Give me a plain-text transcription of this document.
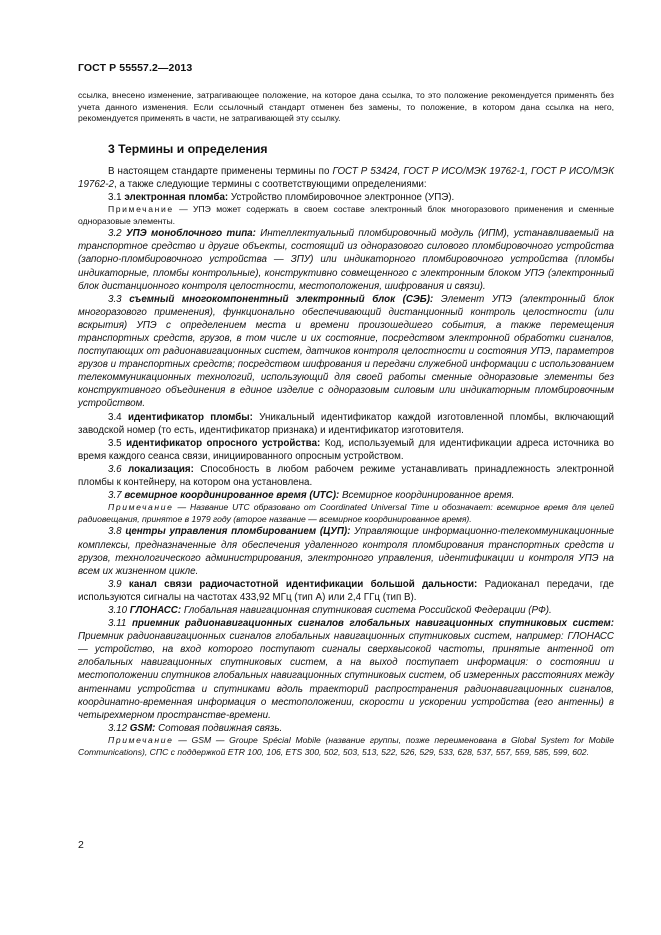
ГОСТ Р 55557.2—2013

ссылка, внесено изменение, затрагивающее положение, на которое дана ссылка, то это положение рекомендуется применять без учета данного изменения. Если ссылочный стандарт отменен без замены, то положение, в котором дана ссылка на него, рекомендуется применять в части, не затрагивающей эту ссылку.

3 Термины и определения

В настоящем стандарте применены термины по ГОСТ Р 53424, ГОСТ Р ИСО/МЭК 19762-1, ГОСТ Р ИСО/МЭК 19762-2, а также следующие термины с соответствующими определениями:

3.1 электронная пломба: Устройство пломбировочное электронное (УПЭ).

Примечание — УПЭ может содержать в своем составе электронный блок многоразового применения и сменные одноразовые элементы.

3.2 УПЭ моноблочного типа: Интеллектуальный пломбировочный модуль (ИПМ), устанавливаемый на транспортное средство и другие объекты, состоящий из одноразового силового пломбировочного устройства (запорно-пломбировочного устройства — ЗПУ) или индикаторного пломбировочного устройства (пломбы индикаторные, пломбы контрольные), конструктивно совмещенного с электронным блоком УПЭ (электронный блок дистанционного контроля целостности, местоположения, шифрования и связи).

3.3 съемный многокомпонентный электронный блок (СЭБ): Элемент УПЭ (электронный блок многоразового применения), функционально обеспечивающий дистанционный контроль целостности (или вскрытия) УПЭ с определением места и времени произошедшего события, а также перемещения транспортных средств, грузов, в том числе и их состояние, посредством электронной обработки сигналов, поступающих от радионавигационных систем, датчиков контроля целостности и состояния УПЭ, параметров грузов и транспортных средств; посредством шифрования и передачи служебной информации с использованием телекоммуникационных технологий, использующий для своей работы сменные одноразовые элементы без конструктивного объединения в единое изделие с одноразовым силовым или индикаторным пломбировочным устройством.

3.4 идентификатор пломбы: Уникальный идентификатор каждой изготовленной пломбы, включающий заводской номер (то есть, идентификатор признака) и идентификатор изготовителя.

3.5 идентификатор опросного устройства: Код, используемый для идентификации адреса источника во время каждого сеанса связи, инициированного опросным устройством.

3.6 локализация: Способность в любом рабочем режиме устанавливать принадлежность электронной пломбы к контейнеру, на котором она установлена.

3.7 всемирное координированное время (UTC): Всемирное координированное время.

Примечание — Название UTC образовано от Coordinated Universal Time и обозначает: всемирное время для целей радиовещания, принятое в 1979 году (второе название — всемирное координированное время).

3.8 центры управления пломбированием (ЦУП): Управляющие информационно-телекоммуникационные комплексы, предназначенные для обеспечения удаленного контроля пломбирования транспортных средств и грузов, технологического администрирования, электронного управления, идентификации и контроля УПЭ на всем их жизненном цикле.

3.9 канал связи радиочастотной идентификации большой дальности: Радиоканал передачи, где используются сигналы на частотах 433,92 МГц (тип А) или 2,4 ГГц (тип В).

3.10 ГЛОНАСС: Глобальная навигационная спутниковая система Российской Федерации (РФ).

3.11 приемник радионавигационных сигналов глобальных навигационных спутниковых систем: Приемник радионавигационных сигналов глобальных навигационных спутниковых систем, например: ГЛОНАСС — устройство, на вход которого поступают сигналы сверхвысокой частоты, принятые антенной от глобальных навигационных спутниковых систем, а на выход поступает информация: о состоянии и местоположении спутников глобальных навигационных спутниковых систем, об измеренных расстояниях между антеннами устройства и спутниками вдоль траекторий распространения радионавигационных сигналов, координатно-временная информация о местоположении, скорости и ускорении устройства (его антенны) в четырехмерном пространстве-времени.

3.12 GSM: Сотовая подвижная связь.

Примечание — GSM — Groupe Spécial Mobile (название группы, позже переименована в Global System for Mobile Communications), СПС с поддержкой ETR 100, 106, ETS 300, 502, 503, 513, 522, 526, 529, 533, 628, 537, 557, 559, 585, 599, 602.

2
